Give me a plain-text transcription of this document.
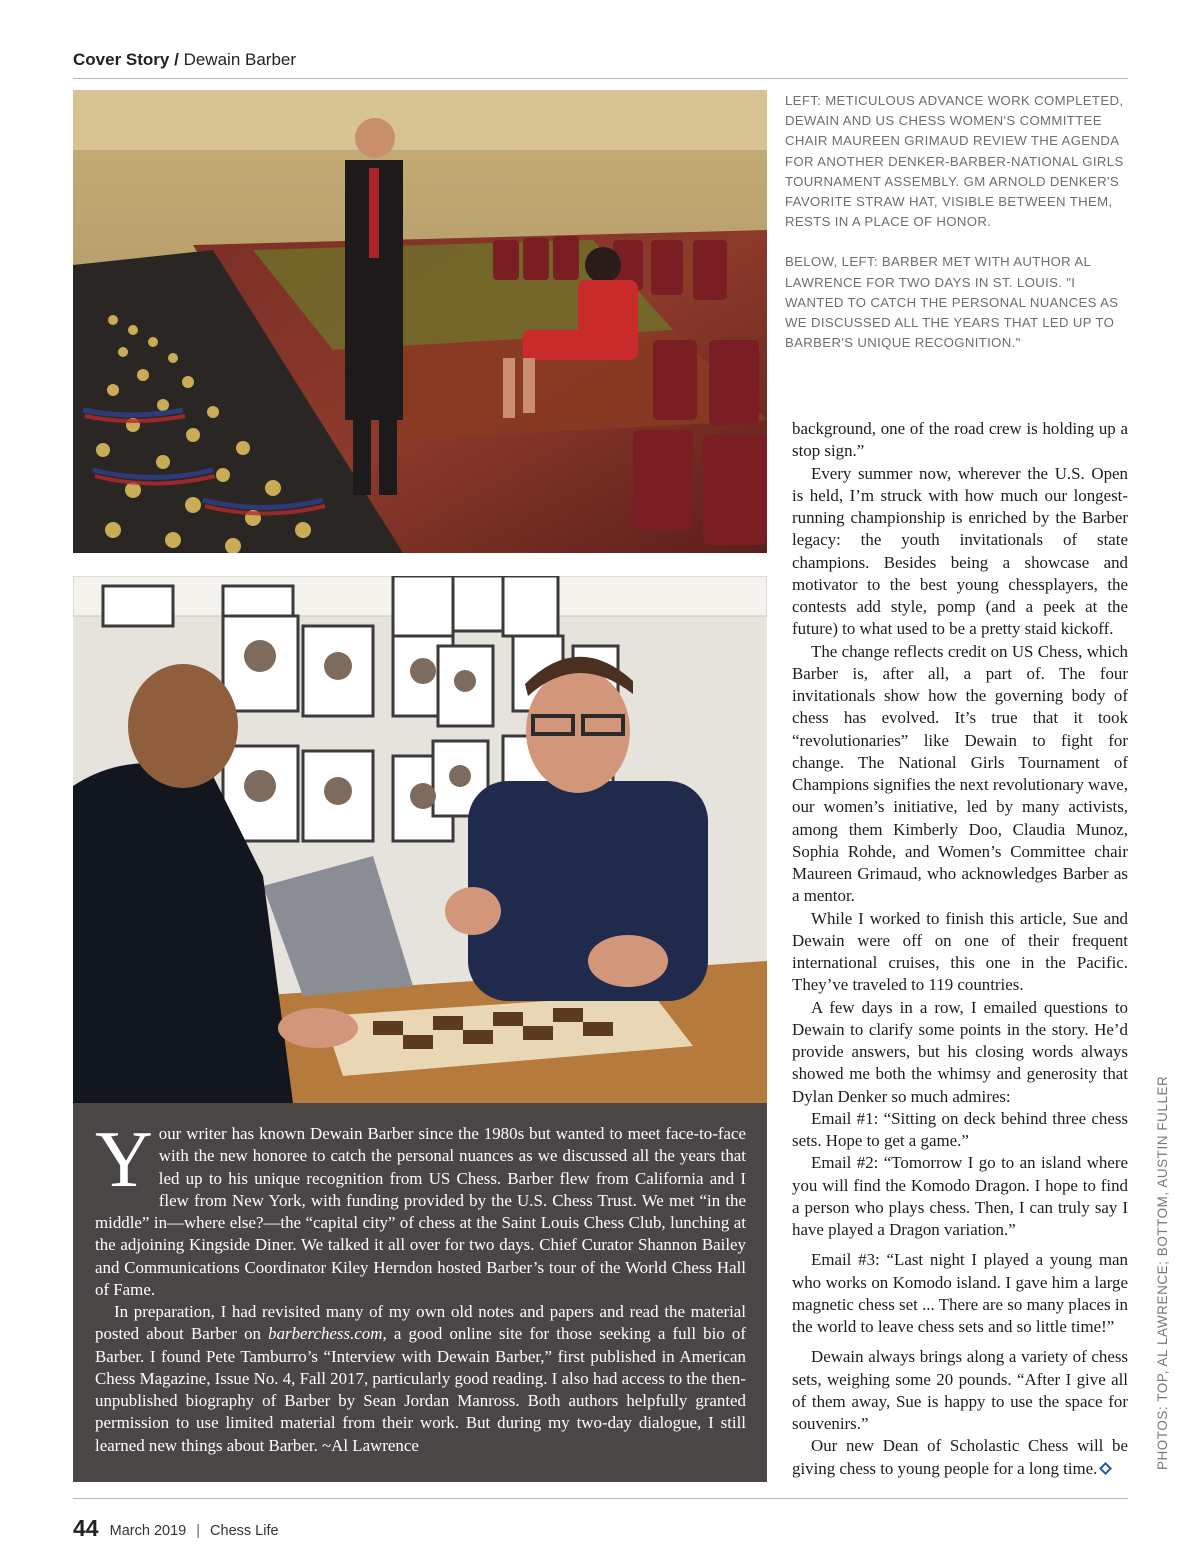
Cover Story / Dewain Barber

LEFT: METICULOUS ADVANCE WORK COMPLETED, DEWAIN AND US CHESS WOMEN'S COMMITTEE CHAIR MAUREEN GRIMAUD REVIEW THE AGENDA FOR ANOTHER DENKER-BARBER-NATIONAL GIRLS TOURNAMENT ASSEMBLY. GM ARNOLD DENKER'S FAVORITE STRAW HAT, VISIBLE BETWEEN THEM, RESTS IN A PLACE OF HONOR.

BELOW, LEFT: BARBER MET WITH AUTHOR AL LAWRENCE FOR TWO DAYS IN ST. LOUIS. "I WANTED TO CATCH THE PERSONAL NUANCES AS WE DISCUSSED ALL THE YEARS THAT LED UP TO BARBER'S UNIQUE RECOGNITION."

background, one of the road crew is holding up a stop sign.”

Every summer now, wherever the U.S. Open is held, I’m struck with how much our longest-running championship is enriched by the Barber legacy: the youth invitationals of state champions. Besides being a showcase and motivator to the best young chessplayers, the contests add style, pomp (and a peek at the future) to what used to be a pretty staid kickoff.

The change reflects credit on US Chess, which Barber is, after all, a part of. The four invitationals show how the governing body of chess has evolved. It’s true that it took “revolutionaries” like Dewain to fight for change. The National Girls Tournament of Champions signifies the next revolutionary wave, our women’s initiative, led by many activists, among them Kimberly Doo, Claudia Munoz, Sophia Rohde, and Women’s Committee chair Maureen Grimaud, who acknowledges Barber as a mentor.

While I worked to finish this article, Sue and Dewain were off on one of their frequent international cruises, this one in the Pacific. They’ve traveled to 119 countries.

A few days in a row, I emailed questions to Dewain to clarify some points in the story. He’d provide answers, but his closing words always showed me both the whimsy and generosity that Dylan Denker so much admires:

Email #1: “Sitting on deck behind three chess sets. Hope to get a game.”

Email #2: “Tomorrow I go to an island where you will find the Komodo Dragon. I hope to find a person who plays chess. Then, I can truly say I have played a Dragon variation.”

Email #3: “Last night I played a young man who works on Komodo island. I gave him a large magnetic chess set ... There are so many places in the world to leave chess sets and so little time!”

Dewain always brings along a variety of chess sets, weighing some 20 pounds. “After I give all of them away, Sue is happy to use the space for souvenirs.”

Our new Dean of Scholastic Chess will be giving chess to young people for a long time.

Your writer has known Dewain Barber since the 1980s but wanted to meet face-to-face with the new honoree to catch the personal nuances as we discussed all the years that led up to his unique recognition from US Chess. Barber flew from California and I flew from New York, with funding provided by the U.S. Chess Trust. We met “in the middle” in—where else?—the “capital city” of chess at the Saint Louis Chess Club, lunching at the adjoining Kingside Diner. We talked it all over for two days. Chief Curator Shannon Bailey and Communications Coordinator Kiley Herndon hosted Barber’s tour of the World Chess Hall of Fame.

In preparation, I had revisited many of my own old notes and papers and read the material posted about Barber on barberchess.com, a good online site for those seeking a full bio of Barber. I found Pete Tamburro’s “Interview with Dewain Barber,” first published in American Chess Magazine, Issue No. 4, Fall 2017, particularly good reading. I also had access to the then-unpublished biography of Barber by Sean Jordan Manross. Both authors helpfully granted permission to use limited material from their work. But during my two-day dialogue, I still learned new things about Barber. ~Al Lawrence	PHOTOS: TOP, AL LAWRENCE; BOTTOM, AUSTIN FULLER
44 March 2019 | Chess Life
